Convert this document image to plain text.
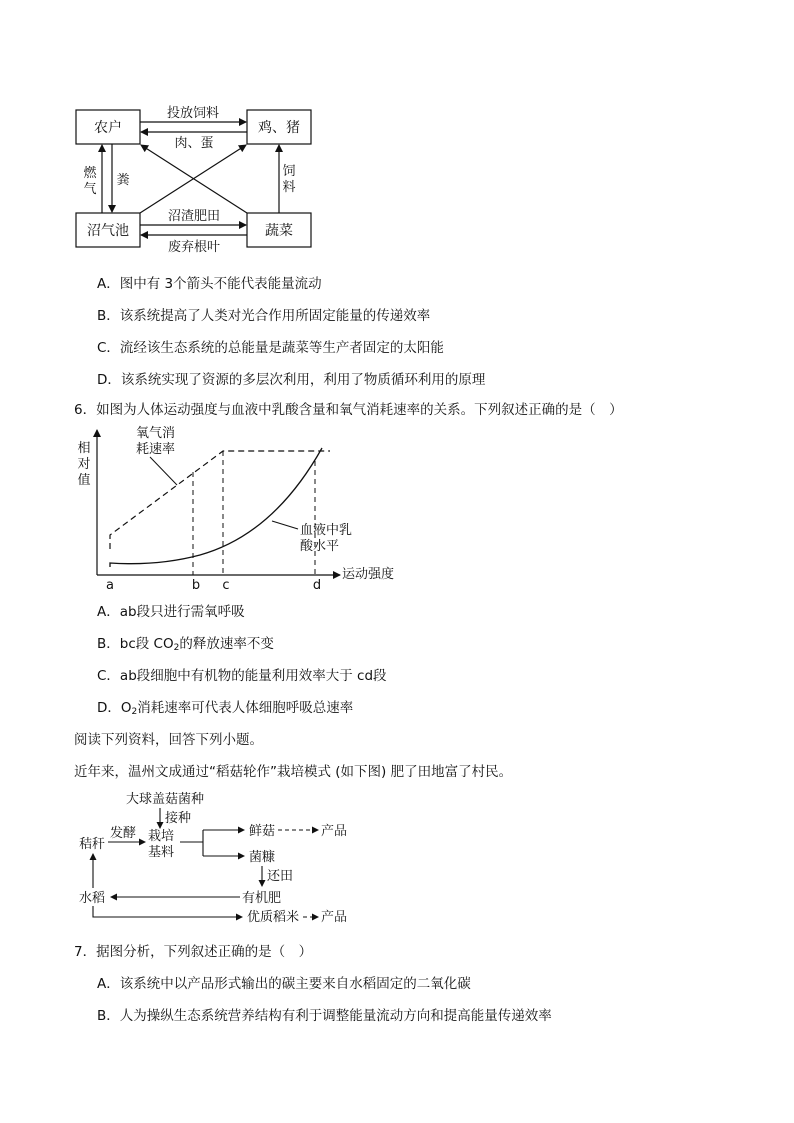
农户	鸡、猪
沼气池	蔬菜
投放饲料
肉、蛋
燃
气
粪
饲
料
沼渣肥田
废弃根叶
A．图中有 3个箭头不能代表能量流动
B．该系统提高了人类对光合作用所固定能量的传递效率
C．流经该生态系统的总能量是蔬菜等生产者固定的太阳能
D．该系统实现了资源的多层次利用，利用了物质循环利用的原理
6．如图为人体运动强度与血液中乳酸含量和氧气消耗速率的关系。下列叙述正确的是（　）
相
对
值
运动强度
氧气消
耗速率
血液中乳
酸水平
a	b c	d
A．ab段只进行需氧呼吸
B．bc段 $CO_2$的释放速率不变
C．ab段细胞中有机物的能量利用效率大于 cd段
D．$O_2$消耗速率可代表人体细胞呼吸总速率
阅读下列资料，回答下列小题。
近年来，温州文成通过“稻菇轮作”栽培模式 (如下图) 肥了田地富了村民。
大球盖菇菌种
接种
秸秆
发酵 栽培
基料
鲜菇	产品
菌糠
还田
有机肥
水稻
优质稻米 产品
7．据图分析，下列叙述正确的是（　）
A．该系统中以产品形式输出的碳主要来自水稻固定的二氧化碳
B．人为操纵生态系统营养结构有利于调整能量流动方向和提高能量传递效率
